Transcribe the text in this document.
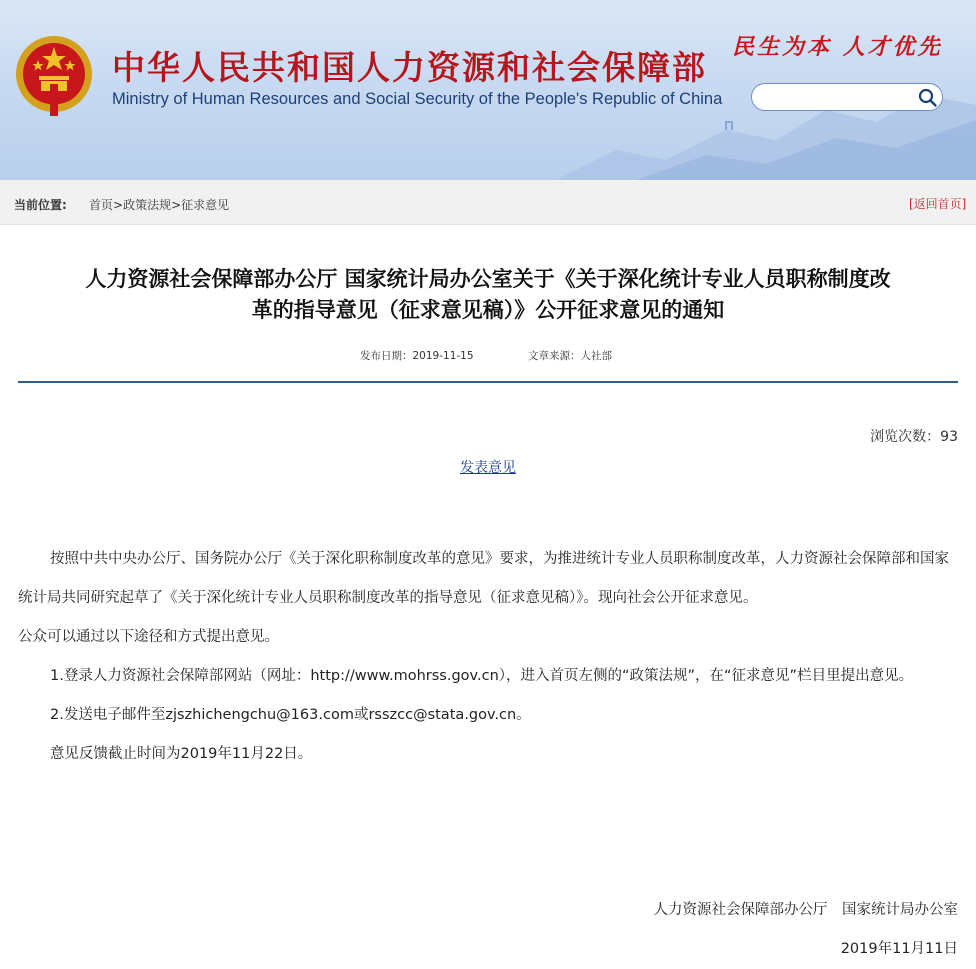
中华人民共和国人力资源和社会保障部
Ministry of Human Resources and Social Security of the People's Republic of China
民生为本 人才优先
当前位置: 首页>政策法规>征求意见	[返回首页]
人力资源社会保障部办公厅 国家统计局办公室关于《关于深化统计专业人员职称制度改
革的指导意见（征求意见稿）》公开征求意见的通知
发布日期：2019-11-15	文章来源：人社部
浏览次数：93
发表意见

按照中共中央办公厅、国务院办公厅《关于深化职称制度改革的意见》要求，为推进统计专业人员职称制度改革，人力资源社会保障部和国家统计局共同研究起草了《关于深化统计专业人员职称制度改革的指导意见（征求意见稿）》。现向社会公开征求意见。

公众可以通过以下途径和方式提出意见。

1.登录人力资源社会保障部网站（网址：http://www.mohrss.gov.cn），进入首页左侧的“政策法规”，在“征求意见”栏目里提出意见。

2.发送电子邮件至zjszhichengchu@163.com或rsszcc@stata.gov.cn。

意见反馈截止时间为2019年11月22日。

人力资源社会保障部办公厅　国家统计局办公室
2019年11月11日
